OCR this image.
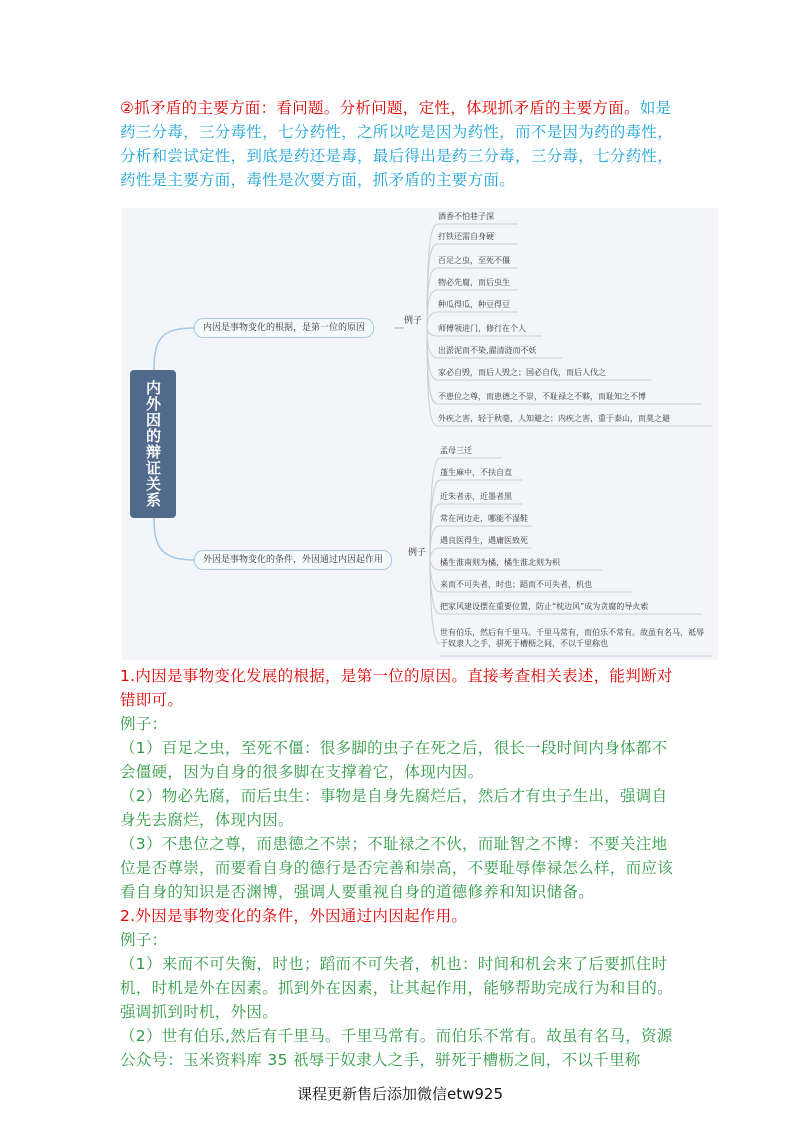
②抓矛盾的主要方面：看问题。分析问题，定性，体现抓矛盾的主要方面。如是药三分毒，三分毒性，七分药性，之所以吃是因为药性，而不是因为药的毒性，分析和尝试定性，到底是药还是毒，最后得出是药三分毒，三分毒，七分药性，药性是主要方面，毒性是次要方面，抓矛盾的主要方面。
内外因的辩证关系
内因是事物变化的根据，是第一位的原因
例子
外因是事物变化的条件，外因通过内因起作用
例子
酒香不怕巷子深
打铁还需自身硬
百足之虫，至死不僵
物必先腐，而后虫生
种瓜得瓜，种豆得豆
师傅领进门，修行在个人
出淤泥而不染,濯清涟而不妖
家必自毁，而后人毁之；国必自伐，而后人伐之
不患位之尊，而患德之不崇，不耻禄之不夥，而耻知之不博
外疾之害，轻于秋毫，人知避之；内疾之害，重于泰山，而莫之避
孟母三迁
蓬生麻中，不扶自直
近朱者赤，近墨者黑
常在河边走，哪能不湿鞋
遇良医得生，遇庸医致死
橘生淮南则为橘，橘生淮北则为枳
来而不可失者，时也；蹈而不可失者，机也
把家风建设摆在重要位置，防止“枕边风”成为贪腐的导火索
世有伯乐，然后有千里马。千里马常有，而伯乐不常有。故虽有名马，祗辱于奴隶人之手，骈死于槽枥之间，不以千里称也
1.内因是事物变化发展的根据，是第一位的原因。直接考查相关表述，能判断对错即可。
例子：
（1）百足之虫，至死不僵：很多脚的虫子在死之后，很长一段时间内身体都不会僵硬，因为自身的很多脚在支撑着它，体现内因。
（2）物必先腐，而后虫生：事物是自身先腐烂后，然后才有虫子生出，强调自身先去腐烂，体现内因。
（3）不患位之尊，而患德之不崇；不耻禄之不伙，而耻智之不博：不要关注地位是否尊崇，而要看自身的德行是否完善和崇高，不要耻辱俸禄怎么样，而应该看自身的知识是否渊博，强调人要重视自身的道德修养和知识储备。
2.外因是事物变化的条件，外因通过内因起作用。
例子：
（1）来而不可失衡，时也；蹈而不可失者，机也：时间和机会来了后要抓住时机，时机是外在因素。抓到外在因素，让其起作用，能够帮助完成行为和目的。强调抓到时机，外因。
（2）世有伯乐,然后有千里马。千里马常有。而伯乐不常有。故虽有名马，资源公众号：玉米资料库 35 祇辱于奴隶人之手，骈死于槽枥之间，不以千里称
课程更新售后添加微信etw925
